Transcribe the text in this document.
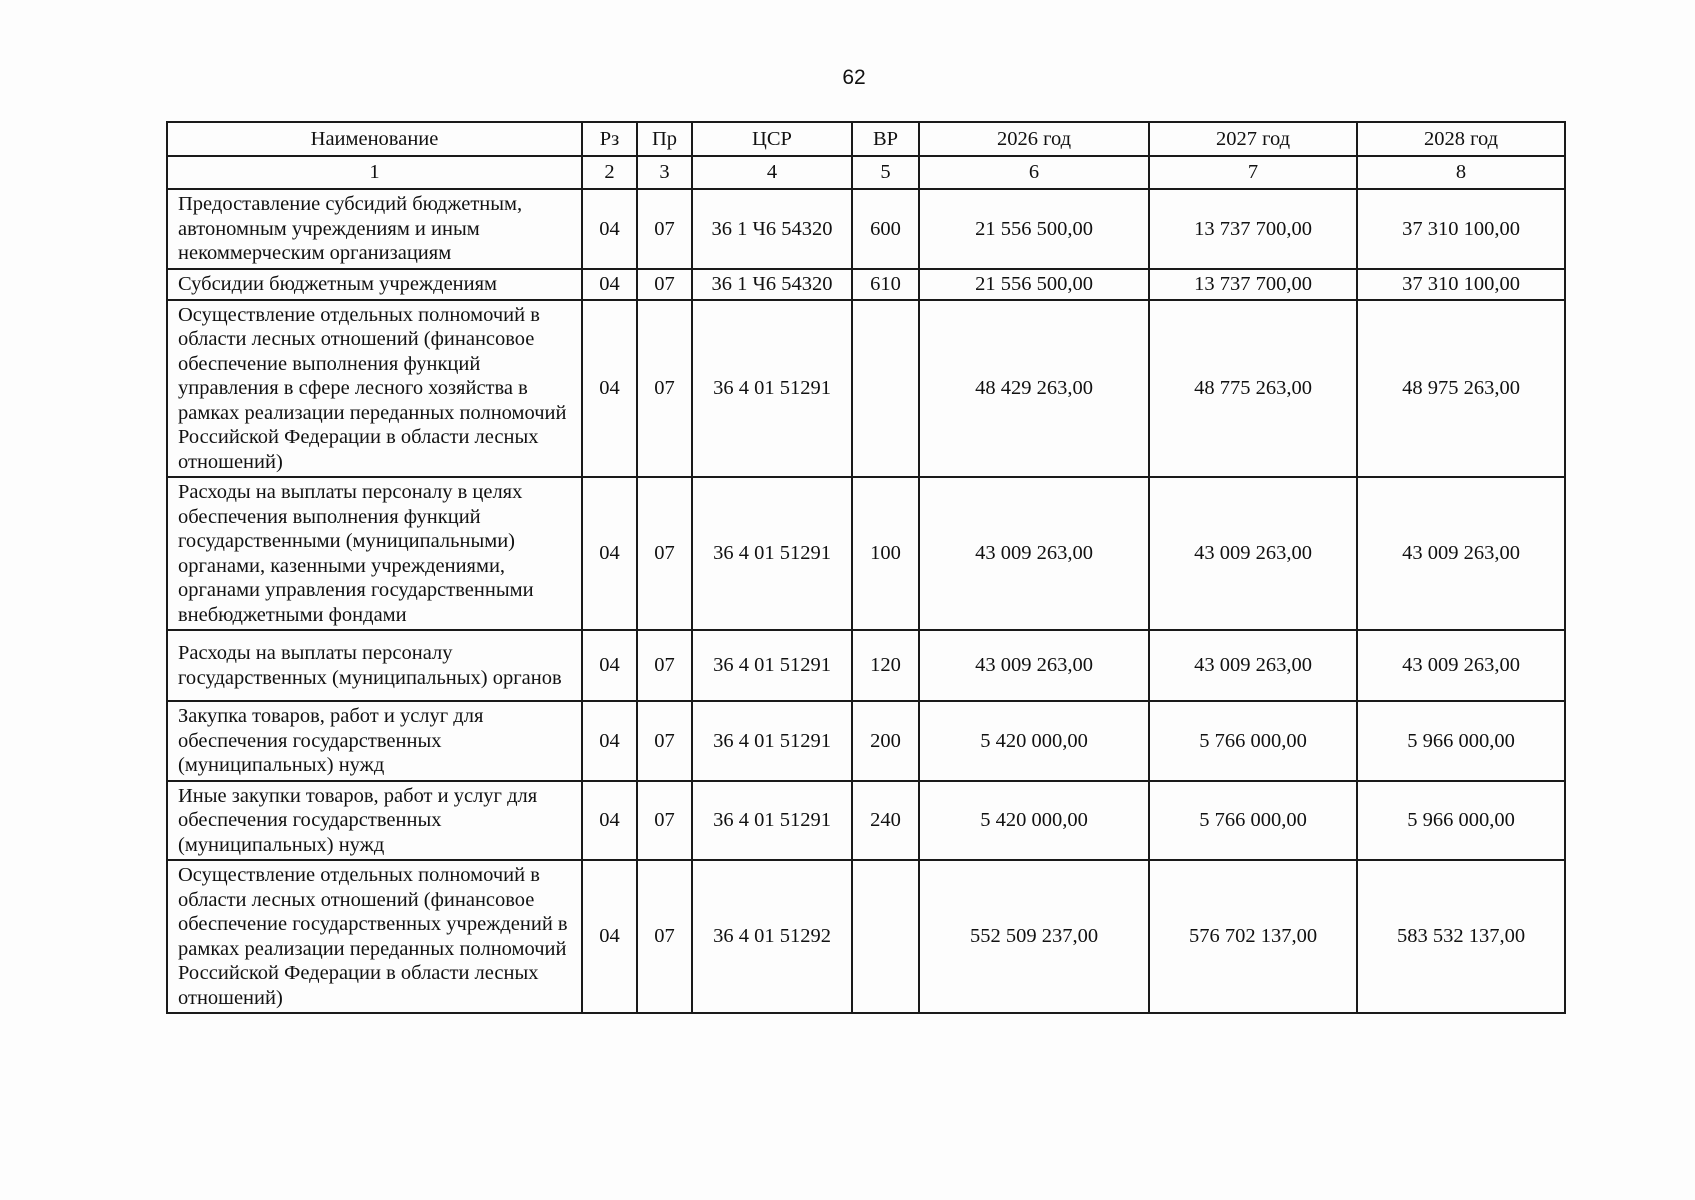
62
Наименование	Рз	Пр	ЦСР	ВР	2026 год	2027 год	2028 год
1	2	3	4	5	6	7	8
Предоставление субсидий бюджетным, автономным учреждениям и иным некоммерческим организациям	04	07	36 1 Ч6 54320	600	21 556 500,00	13 737 700,00	37 310 100,00
Субсидии бюджетным учреждениям	04	07	36 1 Ч6 54320	610	21 556 500,00	13 737 700,00	37 310 100,00
Осуществление отдельных полномочий в области лесных отношений (финансовое обеспечение выполнения функций управления в сфере лесного хозяйства в рамках реализации переданных полномочий Российской Федерации в области лесных отношений)	04	07	36 4 01 51291		48 429 263,00	48 775 263,00	48 975 263,00
Расходы на выплаты персоналу в целях обеспечения выполнения функций государственными (муниципальными) органами, казенными учреждениями, органами управления государственными внебюджетными фондами	04	07	36 4 01 51291	100	43 009 263,00	43 009 263,00	43 009 263,00
Расходы на выплаты персоналу государственных (муниципальных) органов	04	07	36 4 01 51291	120	43 009 263,00	43 009 263,00	43 009 263,00
Закупка товаров, работ и услуг для обеспечения государственных (муниципальных) нужд	04	07	36 4 01 51291	200	5 420 000,00	5 766 000,00	5 966 000,00
Иные закупки товаров, работ и услуг для обеспечения государственных (муниципальных) нужд	04	07	36 4 01 51291	240	5 420 000,00	5 766 000,00	5 966 000,00
Осуществление отдельных полномочий в области лесных отношений (финансовое обеспечение государственных учреждений в рамках реализации переданных полномочий Российской Федерации в области лесных отношений)	04	07	36 4 01 51292		552 509 237,00	576 702 137,00	583 532 137,00
